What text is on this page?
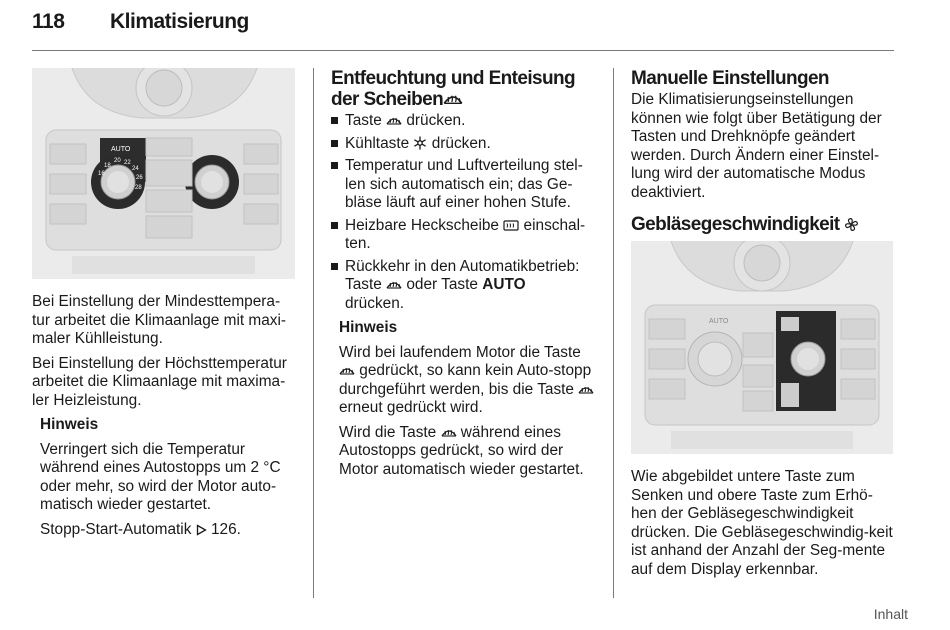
118 Klimatisierung
AUTO
16
18
20 22
24
26
28

Bei Einstellung der Mindesttempera-tur arbeitet die Klimaanlage mit maxi-maler Kühlleistung.

Bei Einstellung der Höchsttemperatur arbeitet die Klimaanlage mit maxima-ler Heizleistung.

Hinweis

Verringert sich die Temperatur während eines Autostopps um 2 °C oder mehr, so wird der Motor auto-matisch wieder gestartet.

Stopp-Start-Automatik 126.

Entfeuchtung und Enteisung der Scheiben
Taste drücken.
Kühltaste drücken.
Temperatur und Luftverteilung stel-len sich automatisch ein; das Ge-bläse läuft auf einer hohen Stufe.
Heizbare Heckscheibe einschal-ten.
Rückkehr in den Automatikbetrieb: Taste oder Taste AUTO
drücken.

Hinweis

Wird bei laufendem Motor die Taste  gedrückt, so kann kein Auto-stopp durchgeführt werden, bis die Taste  erneut gedrückt wird.

Wird die Taste während eines Autostopps gedrückt, so wird der Motor automatisch wieder gestartet.

Manuelle Einstellungen

Die Klimatisierungseinstellungen können wie folgt über Betätigung der Tasten und Drehknöpfe geändert werden. Durch Ändern einer Einstel-lung wird der automatische Modus deaktiviert.

Gebläsegeschwindigkeit
AUTO

Wie abgebildet untere Taste zum Senken und obere Taste zum Erhö-hen der Gebläsegeschwindigkeit drücken. Die Gebläsegeschwindig-keit ist anhand der Anzahl der Seg-mente auf dem Display erkennbar.

Inhalt
